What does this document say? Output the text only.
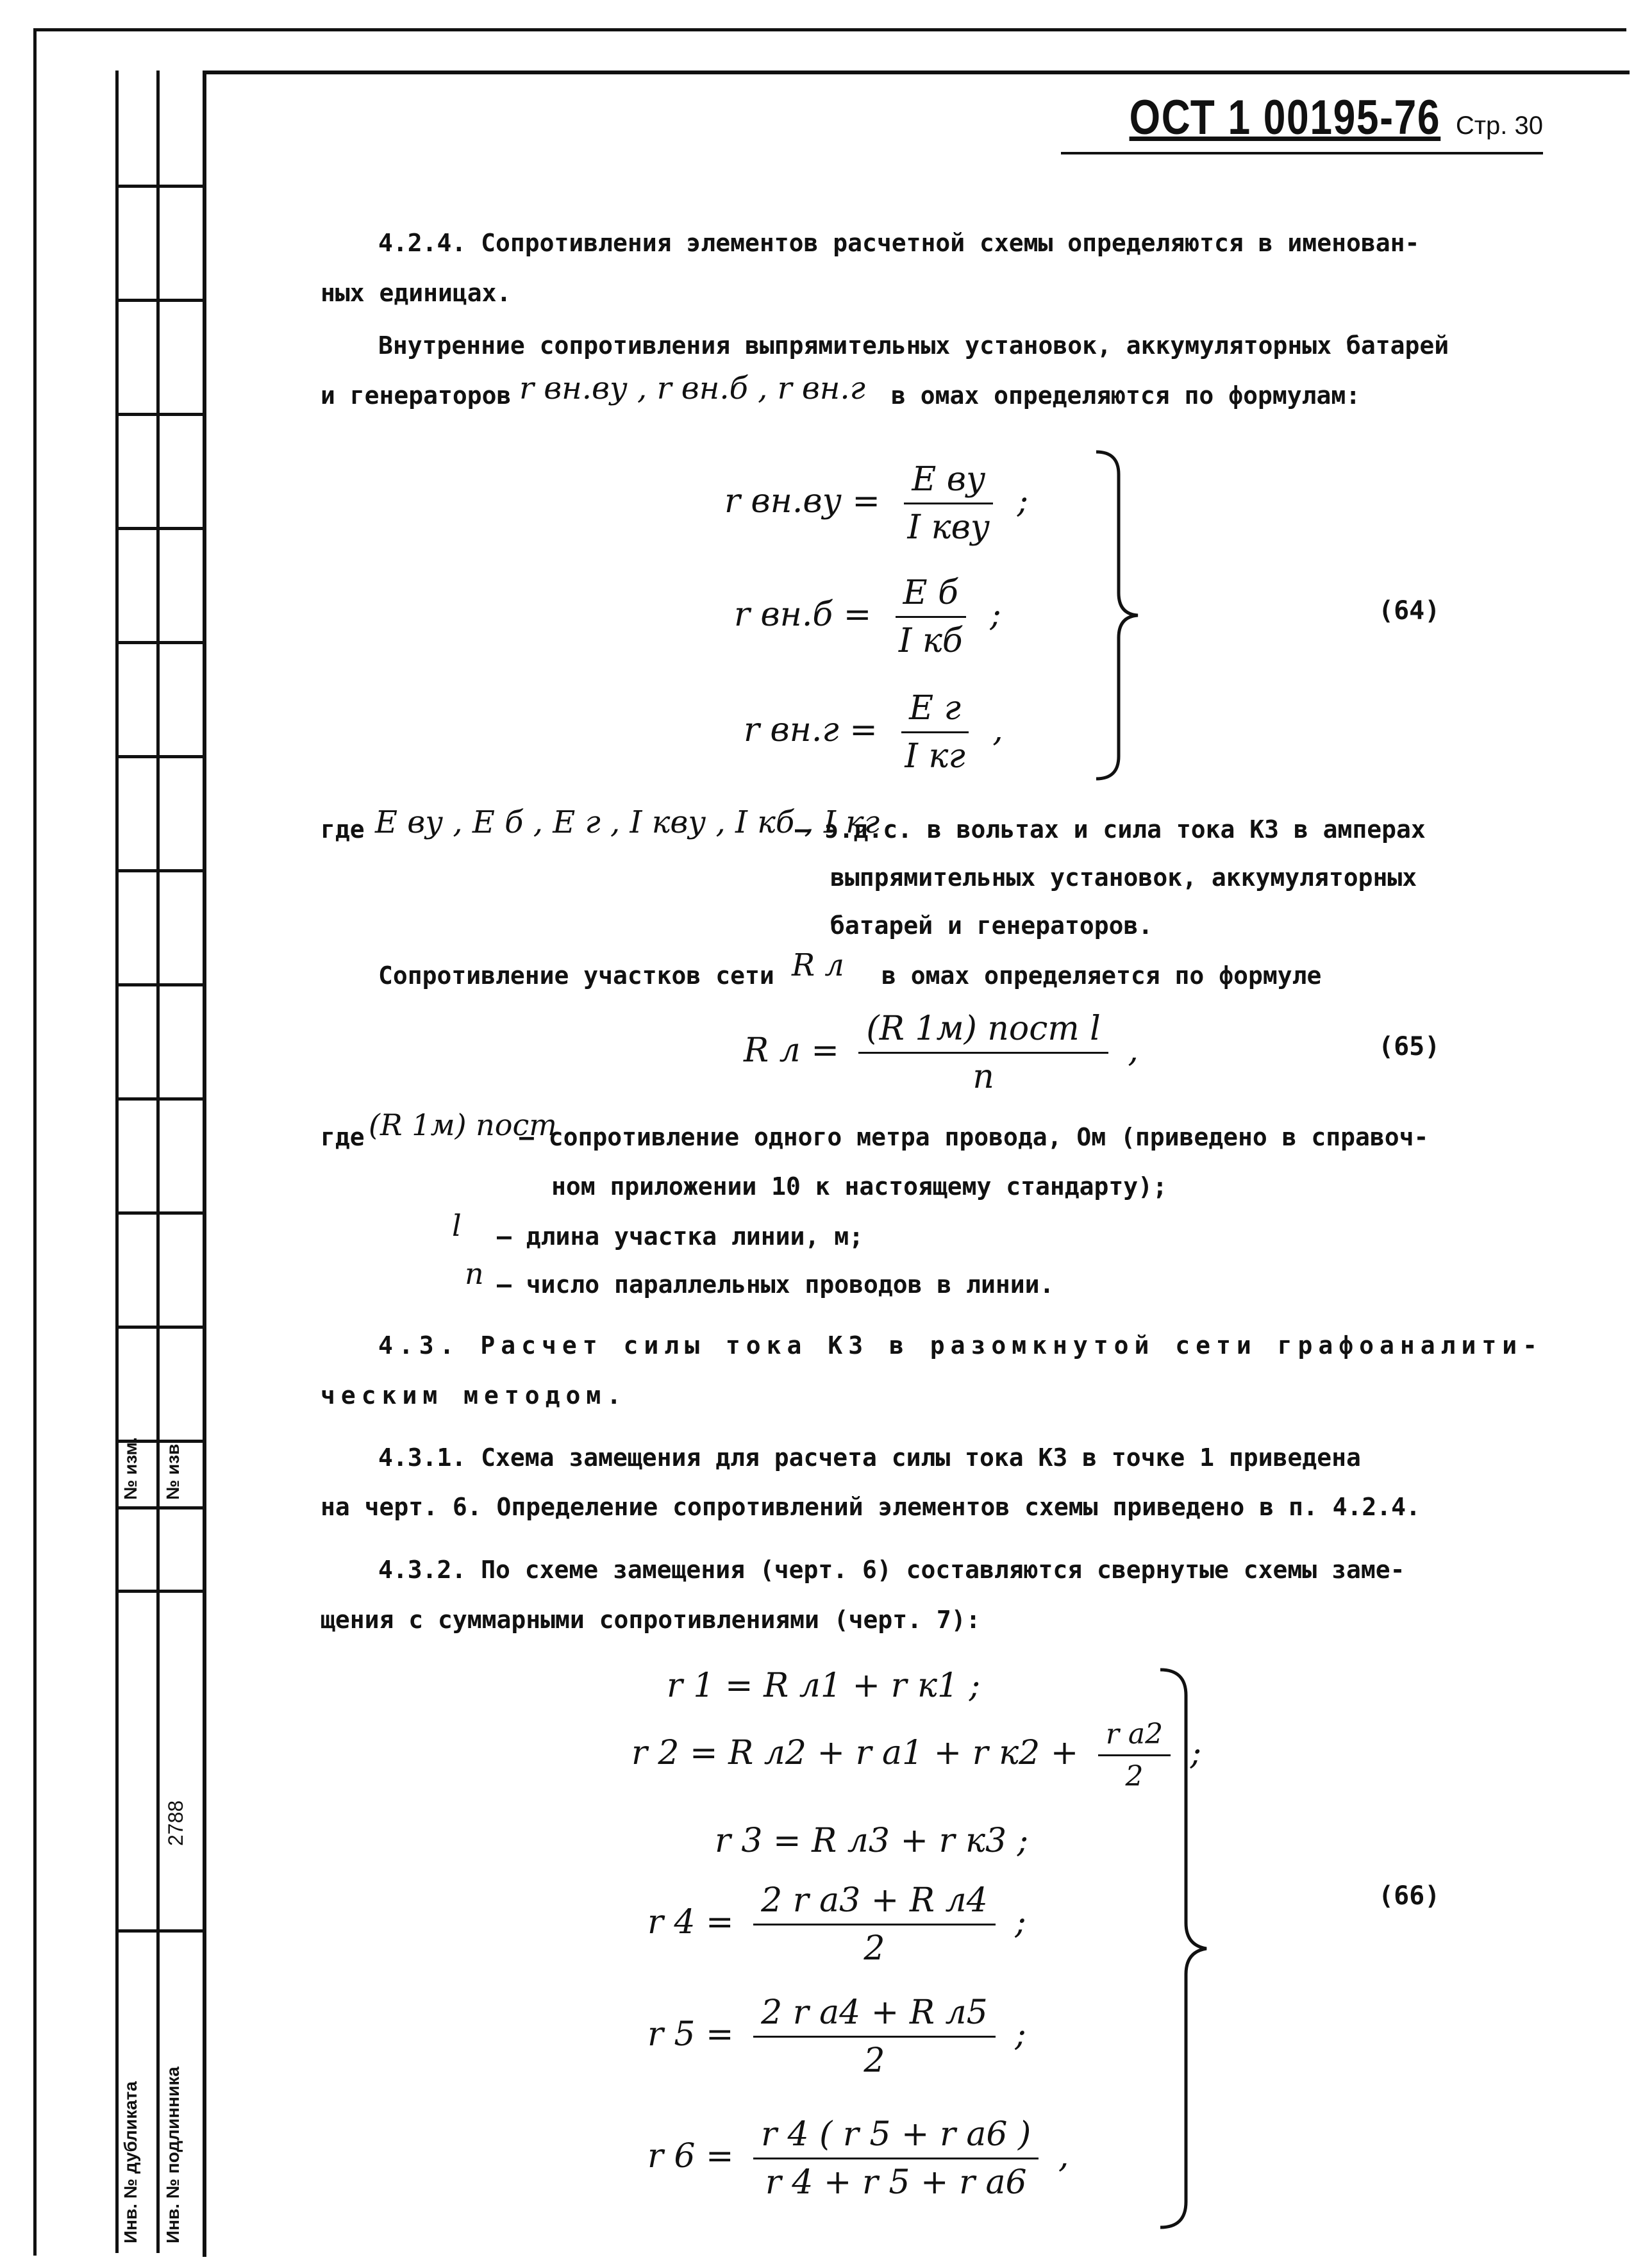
№ изм. № изв.
2788
Инв. № дубликата Инв. № подлинника
ОСТ 1 00195-76 Стр. 30
4.2.4. Сопротивления элементов расчетной схемы определяются в именован-
ных единицах.
Внутренние сопротивления выпрямительных установок, аккумуляторных батарей
и генераторов r вн.ву , r вн.б , r вн.г в омах определяются по формулам:
r $вн.ву = \frac{\text{E ву}}{\text{I кву}}$ ;
r $вн.б = \frac{\text{E б}}{\text{I кб}}$ ;
r $вн.г = \frac{\text{E г}}{\text{I кг}}$ ,
(64)
где E ву , E б , E г , I кву , I кб , I кг
– э.д.с. в вольтах и сила тока КЗ в амперах
выпрямительных установок, аккумуляторных
батарей и генераторов.
Сопротивление участков сети R л в омах определяется по формуле
R $л = \frac{\text{(R 1м) пост l}}{n}$ ,	(65)
где (R 1м) пост
– сопротивление одного метра провода, Ом (приведено в справоч-
ном приложении 10 к настоящему стандарту);
l – длина участка линии, м;
n – число параллельных проводов в линии.
4.3. Расчет силы тока КЗ в разомкнутой сети графоаналити-
ческим методом.
4.3.1. Схема замещения для расчета силы тока КЗ в точке 1 приведена
на черт. 6. Определение сопротивлений элементов схемы приведено в п. 4.2.4.
4.3.2. По схеме замещения (черт. 6) составляются свернутые схемы заме-
щения с суммарными сопротивлениями (черт. 7):
r 1 = R л1 + r к1 ;
r 2 = R л2 + r a1 + r $к2 + \frac{\text{r a2}}{2}$ ;
r 3 = R л3 + r к3 ;
r $4 = \frac{\text{2 r a3 + R л4}}{2}$ ;
r $5 = \frac{\text{2 r a4 + R л5}}{2}$ ;
r $6 = \frac{\text{r 4 ( r 5 + r a6 )}}{\text{r 4 + r 5 + r a6}}$ ,
(66)
